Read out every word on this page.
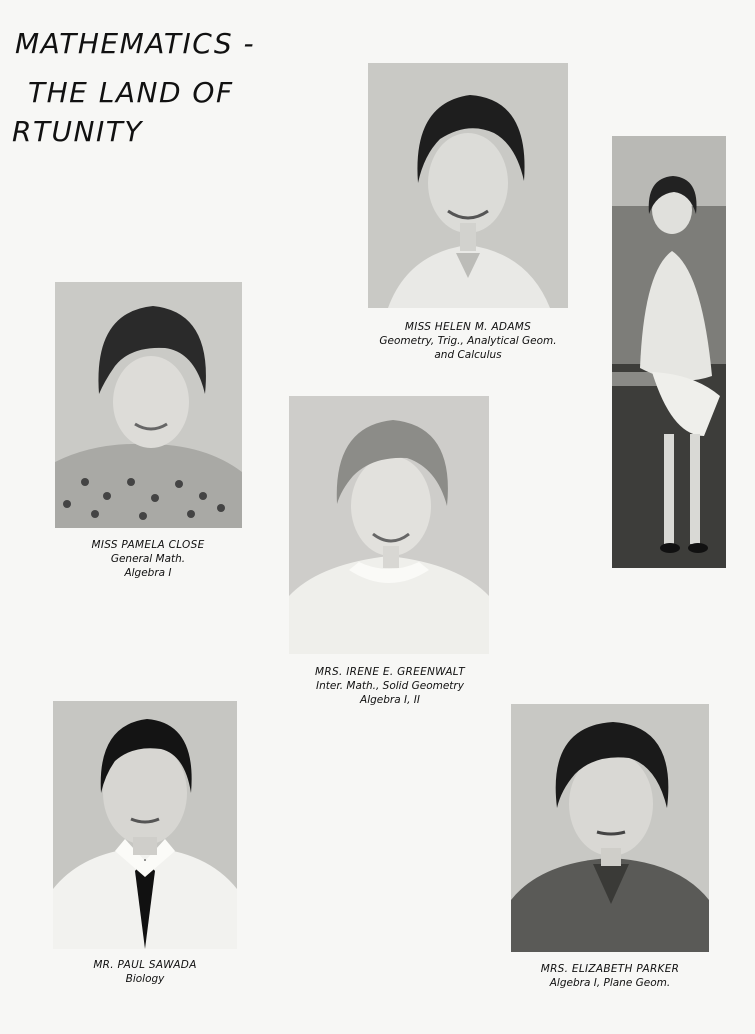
MATHEMATICS -
THE LAND OF
RTUNITY
MISS HELEN M. ADAMS
Geometry, Trig., Analytical Geom.
and Calculus
MISS PAMELA CLOSE
General Math.
Algebra I
MRS. IRENE E. GREENWALT
Inter. Math., Solid Geometry
Algebra I, II
MR. PAUL SAWADA
Biology
MRS. ELIZABETH PARKER
Algebra I, Plane Geom.
